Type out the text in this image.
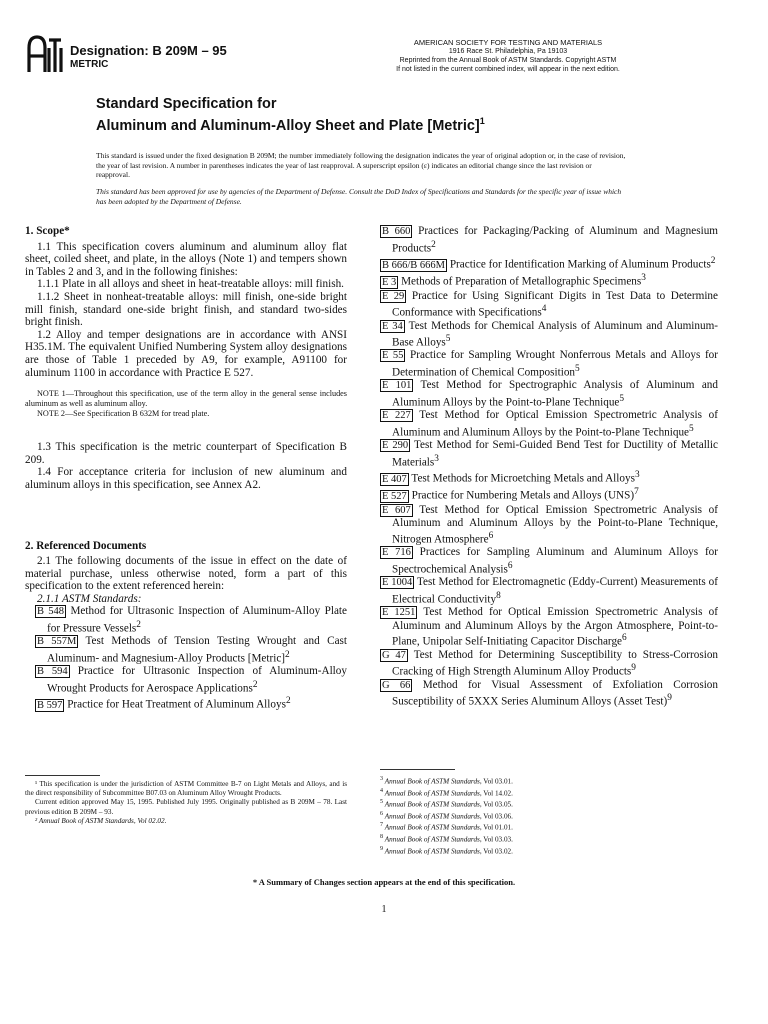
Designation: B 209M – 95
METRIC
AMERICAN SOCIETY FOR TESTING AND MATERIALS
1916 Race St. Philadelphia, Pa 19103
Reprinted from the Annual Book of ASTM Standards. Copyright ASTM
If not listed in the current combined index, will appear in the next edition.
Standard Specification for
Aluminum and Aluminum-Alloy Sheet and Plate [Metric]$^1$
This standard is issued under the fixed designation B 209M; the number immediately following the designation indicates the year of original adoption or, in the case of revision, the year of last revision. A number in parentheses indicates the year of last reapproval. A superscript epsilon (ε) indicates an editorial change since the last revision or reapproval.
This standard has been approved for use by agencies of the Department of Defense. Consult the DoD Index of Specifications and Standards for the specific year of issue which has been adopted by the Department of Defense.

1. Scope*

1.1 This specification covers aluminum and aluminum alloy flat sheet, coiled sheet, and plate, in the alloys (Note 1) and tempers shown in Tables 2 and 3, and in the following finishes:

1.1.1 Plate in all alloys and sheet in heat-treatable alloys: mill finish.

1.1.2 Sheet in nonheat-treatable alloys: mill finish, one-side bright mill finish, standard one-side bright finish, and standard two-sides bright finish.

1.2 Alloy and temper designations are in accordance with ANSI H35.1M. The equivalent Unified Numbering System alloy designations are those of Table 1 preceded by A9, for example, A91100 for aluminum 1100 in accordance with Practice E 527.

NOTE 1—Throughout this specification, use of the term alloy in the general sense includes aluminum as well as aluminum alloy.

NOTE 2—See Specification B 632M for tread plate.

1.3 This specification is the metric counterpart of Specification B 209.

1.4 For acceptance criteria for inclusion of new aluminum and aluminum alloys in this specification, see Annex A2.

2. Referenced Documents

2.1 The following documents of the issue in effect on the date of material purchase, unless otherwise noted, form a part of this specification to the extent referenced herein:

2.1.1 ASTM Standards:

B 548 Method for Ultrasonic Inspection of Aluminum-Alloy Plate for Pressure Vessels$^2$

B 557M Test Methods of Tension Testing Wrought and Cast Aluminum- and Magnesium-Alloy Products [Metric]$^2$

B 594 Practice for Ultrasonic Inspection of Aluminum-Alloy Wrought Products for Aerospace Applications$^2$

B 597 Practice for Heat Treatment of Aluminum Alloys$^2$

B 660 Practices for Packaging/Packing of Aluminum and Magnesium Products$^2$

B 666/B 666M Practice for Identification Marking of Aluminum Products$^2$

E 3 Methods of Preparation of Metallographic Specimens$^3$

E 29 Practice for Using Significant Digits in Test Data to Determine Conformance with Specifications$^4$

E 34 Test Methods for Chemical Analysis of Aluminum and Aluminum-Base Alloys$^5$

E 55 Practice for Sampling Wrought Nonferrous Metals and Alloys for Determination of Chemical Composition$^5$

E 101 Test Method for Spectrographic Analysis of Aluminum and Aluminum Alloys by the Point-to-Plane Technique$^5$

E 227 Test Method for Optical Emission Spectrometric Analysis of Aluminum and Aluminum Alloys by the Point-to-Plane Technique$^5$

E 290 Test Method for Semi-Guided Bend Test for Ductility of Metallic Materials$^3$

E 407 Test Methods for Microetching Metals and Alloys$^3$

E 527 Practice for Numbering Metals and Alloys (UNS)$^7$

E 607 Test Method for Optical Emission Spectrometric Analysis of Aluminum and Aluminum Alloys by the Point-to-Plane Technique, Nitrogen Atmosphere$^6$

E 716 Practices for Sampling Aluminum and Aluminum Alloys for Spectrochemical Analysis$^6$

E 1004 Test Method for Electromagnetic (Eddy-Current) Measurements of Electrical Conductivity$^8$

E 1251 Test Method for Optical Emission Spectrometric Analysis of Aluminum and Aluminum Alloys by the Argon Atmosphere, Point-to-Plane, Unipolar Self-Initiating Capacitor Discharge$^6$

G 47 Test Method for Determining Susceptibility to Stress-Corrosion Cracking of High Strength Aluminum Alloy Products$^9$

G 66 Method for Visual Assessment of Exfoliation Corrosion Susceptibility of 5XXX Series Aluminum Alloys (Asset Test)$^9$

¹ This specification is under the jurisdiction of ASTM Committee B-7 on Light Metals and Alloys, and is the direct responsibility of Subcommittee B07.03 on Aluminum Alloy Wrought Products.

Current edition approved May 15, 1995. Published July 1995. Originally published as B 209M – 78. Last previous edition B 209M – 93.

² Annual Book of ASTM Standards, Vol 02.02.

$^3$ Annual Book of ASTM Standards, Vol 03.01.

$^4$ Annual Book of ASTM Standards, Vol 14.02.

$^5$ Annual Book of ASTM Standards, Vol 03.05.

$^6$ Annual Book of ASTM Standards, Vol 03.06.

$^7$ Annual Book of ASTM Standards, Vol 01.01.

$^8$ Annual Book of ASTM Standards, Vol 03.03.

$^9$ Annual Book of ASTM Standards, Vol 03.02.

* A Summary of Changes section appears at the end of this specification.
1
